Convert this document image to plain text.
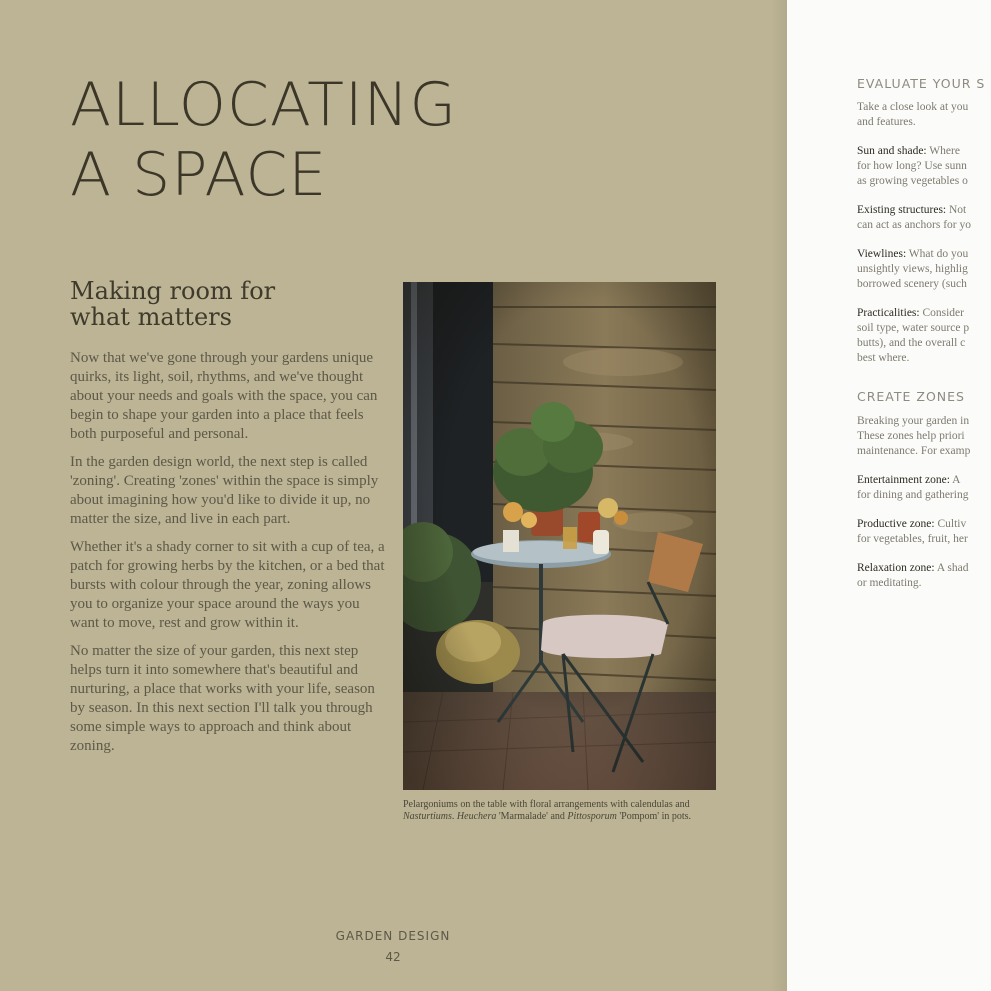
ALLOCATING
A SPACE
Making room for
what matters

Now that we've gone through your gardens unique quirks, its light, soil, rhythms, and we've thought about your needs and goals with the space, you can begin to shape your garden into a place that feels both purposeful and personal.

In the garden design world, the next step is called 'zoning'. Creating 'zones' within the space is simply about imagining how you'd like to divide it up, no matter the size, and live in each part.

Whether it's a shady corner to sit with a cup of tea, a patch for growing herbs by the kitchen, or a bed that bursts with colour through the year, zoning allows you to organize your space around the ways you want to move, rest and grow within it.

No matter the size of your garden, this next step helps turn it into somewhere that's beautiful and nurturing, a place that works with your life, season by season. In this next section I'll talk you through some simple ways to approach and think about zoning.

Pelargoniums on the table with floral arrangements with calendulas and Nasturtiums. Heuchera 'Marmalade' and Pittosporum 'Pompom' in pots.
GARDEN DESIGN
42
EVALUATE YOUR S
Take a close look at you
and features.
Sun and shade: Where
for how long? Use sunn
as growing vegetables o
Existing structures: Not
can act as anchors for yo
Viewlines: What do you
unsightly views, highlig
borrowed scenery (such
Practicalities: Consider
soil type, water source p
butts), and the overall c
best where.
CREATE ZONES
Breaking your garden in
These zones help priori
maintenance. For examp
Entertainment zone: A
for dining and gathering
Productive zone: Cultiv
for vegetables, fruit, her
Relaxation zone: A shad
or meditating.
